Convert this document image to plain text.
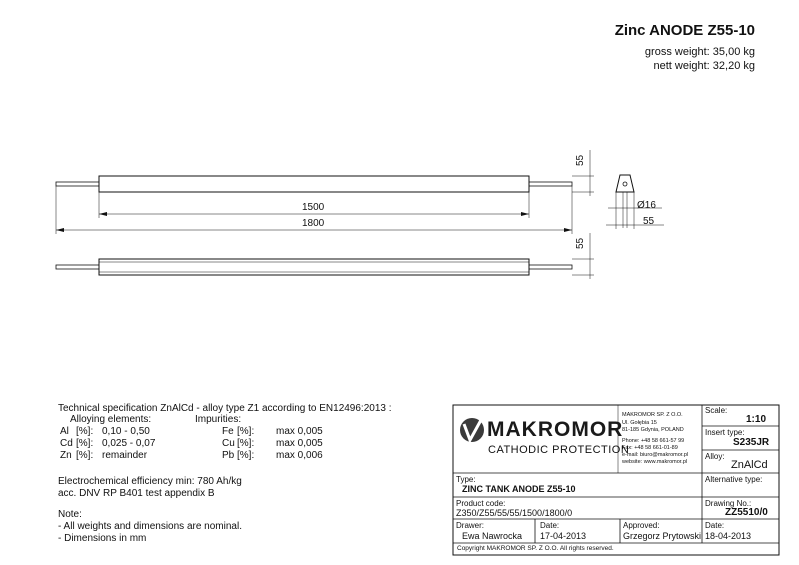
Zinc ANODE Z55-10
gross weight: 35,00 kg
nett weight: 32,20 kg
55
1500
1800
55
Ø16
55
Technical specification ZnAlCd - alloy type Z1 according to EN12496:2013 :
Alloying elements:	Impurities:
Al [%]: 0,10 - 0,50
Cd [%]: 0,025 - 0,07
Zn [%]: remainder
Fe [%]: max 0,005
Cu [%]: max 0,005
Pb [%]: max 0,006
Electrochemical efficiency min: 780 Ah/kg
acc. DNV RP B401 test appendix B
Note:
- All weights and dimensions are nominal.
- Dimensions in mm
MAKROMOR
CATHODIC PROTECTION
MAKROMOR SP. Z O.O.
Ul. Gołębia 15
81-185 Gdynia, POLAND
Phone: +48 58 661-57 99
Fax: +48 58 661-01-89
e-mail: biuro@makromor.pl
website: www.makromor.pl
Scale:
1:10
Insert type:
S235JR
Alloy:
ZnAlCd
Type:
ZINC TANK ANODE Z55-10
Alternative type:
Product code:
Z350/Z55/55/55/1500/1800/0
Drawing No.:
ZZ5510/0
Drawer:
Ewa Nawrocka
Date:
17-04-2013
Approved:
Grzegorz Prytowski
Date:
18-04-2013
Copyright MAKROMOR SP. Z O.O. All rights reserved.
